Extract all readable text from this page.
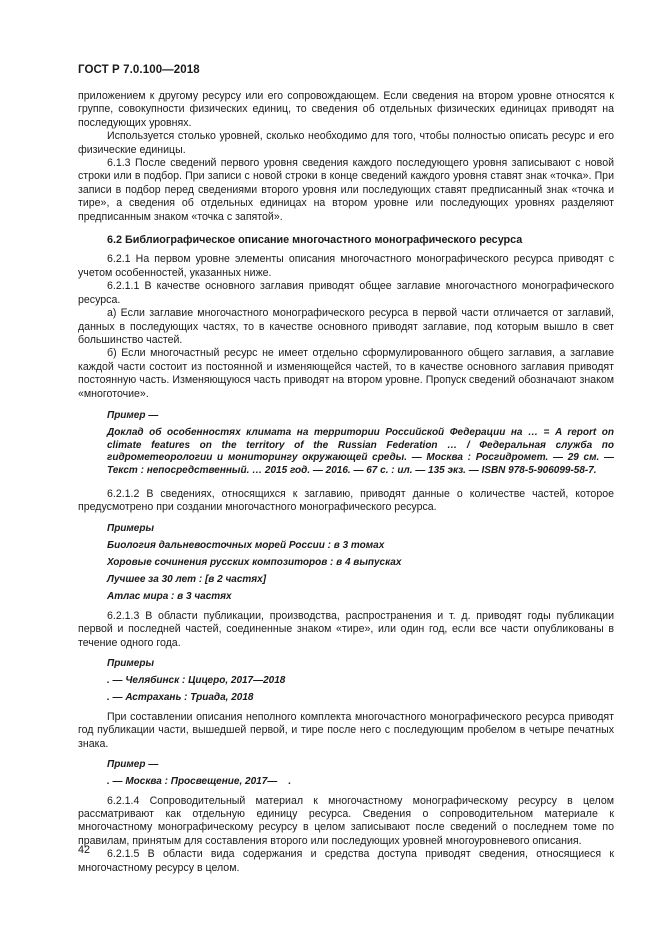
ГОСТ Р 7.0.100—2018

приложением к другому ресурсу или его сопровождающем. Если сведения на втором уровне относятся к группе, совокупности физических единиц, то сведения об отдельных физических единицах приводят на последующих уровнях.

Используется столько уровней, сколько необходимо для того, чтобы полностью описать ресурс и его физические единицы.

6.1.3 После сведений первого уровня сведения каждого последующего уровня записывают с новой строки или в подбор. При записи с новой строки в конце сведений каждого уровня ставят знак «точка». При записи в подбор перед сведениями второго уровня или последующих ставят предписанный знак «точка и тире», а сведения об отдельных единицах на втором уровне или последующих уровнях разделяют предписанным знаком «точка с запятой».

6.2 Библиографическое описание многочастного монографического ресурса

6.2.1 На первом уровне элементы описания многочастного монографического ресурса приводят с учетом особенностей, указанных ниже.

6.2.1.1 В качестве основного заглавия приводят общее заглавие многочастного монографического ресурса.

а) Если заглавие многочастного монографического ресурса в первой части отличается от заглавий, данных в последующих частях, то в качестве основного приводят заглавие, под которым вышло в свет большинство частей.

б) Если многочастный ресурс не имеет отдельно сформулированного общего заглавия, а заглавие каждой части состоит из постоянной и изменяющейся частей, то в качестве основного заглавия приводят постоянную часть. Изменяющуюся часть приводят на втором уровне. Пропуск сведений обозначают знаком «многоточие».

Пример —
Доклад об особенностях климата на территории Российской Федерации на … = A report on climate features on the territory of the Russian Federation … / Федеральная служба по гидрометеорологии и мониторингу окружающей среды. — Москва : Росгидромет. — 29 см. — Текст : непосредственный. … 2015 год. — 2016. — 67 с. : ил. — 135 экз. — ISBN 978-5-906099-58-7.

6.2.1.2 В сведениях, относящихся к заглавию, приводят данные о количестве частей, которое предусмотрено при создании многочастного монографического ресурса.

Примеры
Биология дальневосточных морей России : в 3 томах
Хоровые сочинения русских композиторов : в 4 выпусках
Лучшее за 30 лет : [в 2 частях]
Атлас мира : в 3 частях

6.2.1.3 В области публикации, производства, распространения и т. д. приводят годы публикации первой и последней частей, соединенные знаком «тире», или один год, если все части опубликованы в течение одного года.

Примеры
. — Челябинск : Цицеро, 2017—2018
. — Астрахань : Триада, 2018

При составлении описания неполного комплекта многочастного монографического ресурса приводят год публикации части, вышедшей первой, и тире после него с последующим пробелом в четыре печатных знака.

Пример —
. — Москва : Просвещение, 2017—    .

6.2.1.4 Сопроводительный материал к многочастному монографическому ресурсу в целом рассматривают как отдельную единицу ресурса. Сведения о сопроводительном материале к многочастному монографическому ресурсу в целом записывают после сведений о последнем томе по правилам, принятым для составления второго или последующих уровней многоуровневого описания.

6.2.1.5 В области вида содержания и средства доступа приводят сведения, относящиеся к многочастному ресурсу в целом.

42
